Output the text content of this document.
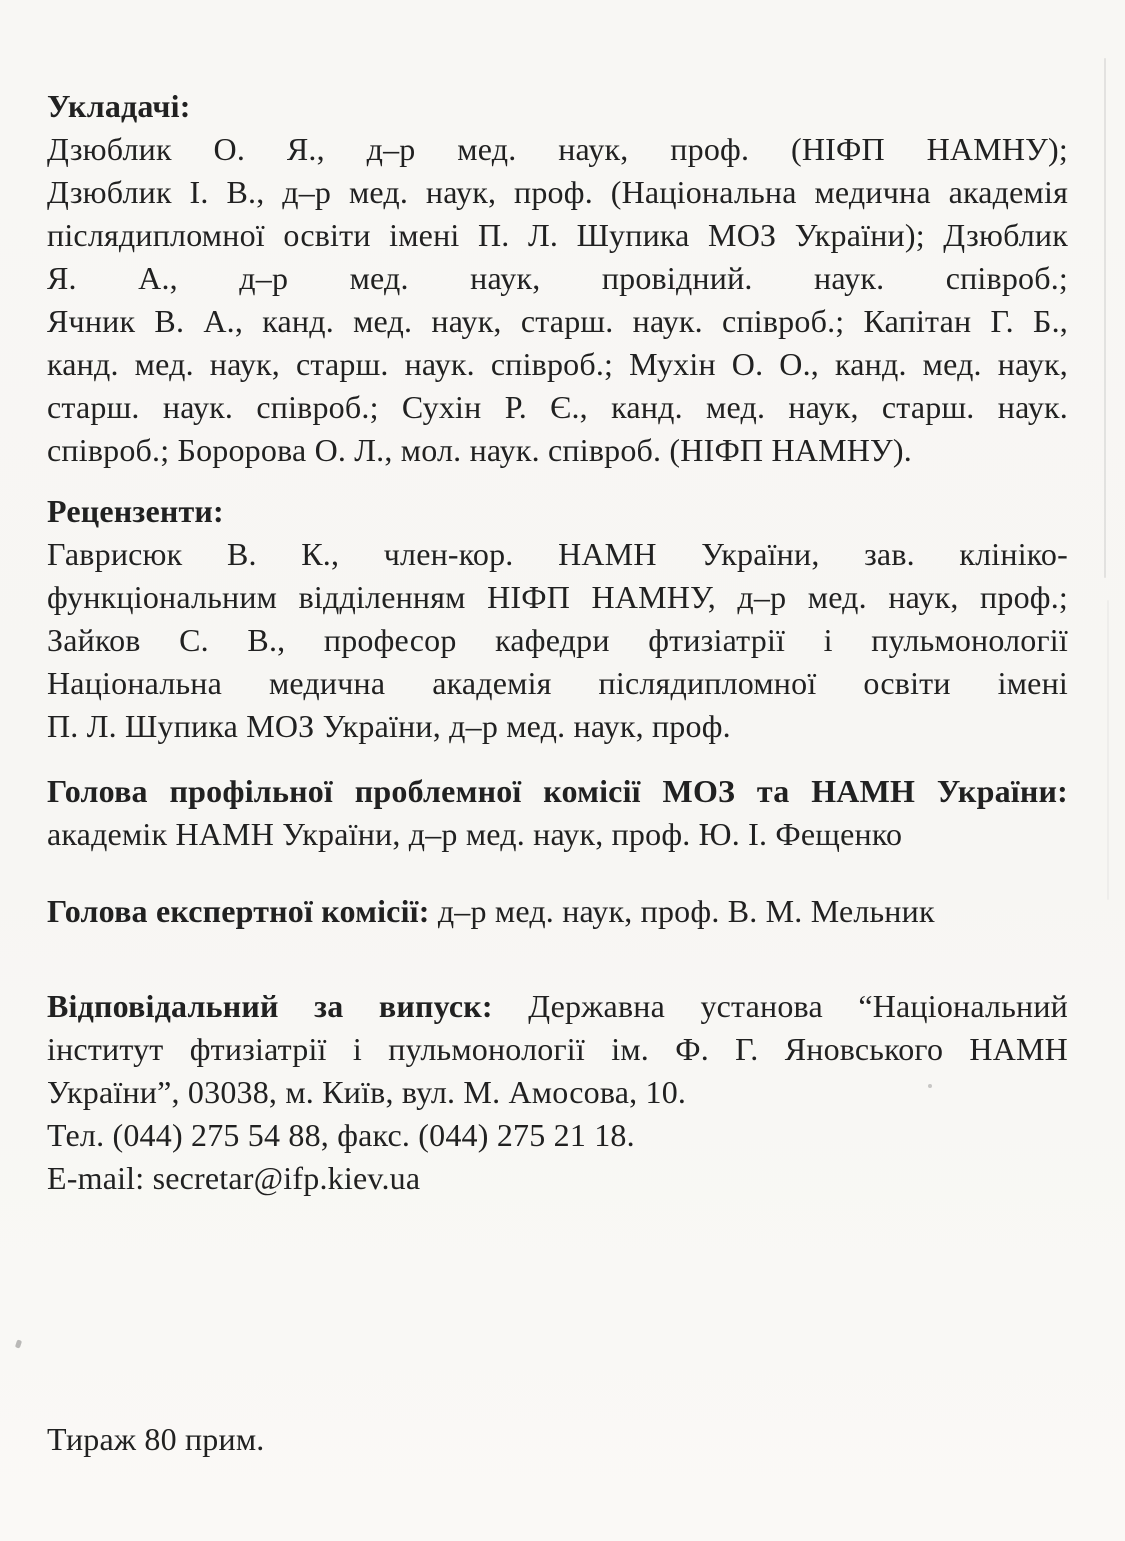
Укладачі:
Дзюблик О. Я., д–р мед. наук, проф. (НІФП НАМНУ);
Дзюблик І. В., д–р мед. наук, проф. (Національна медична академія
післядипломної освіти імені П. Л. Шупика МОЗ України); Дзюблик
Я. А., д–р мед. наук, провідний. наук. співроб.;
Ячник В. А., канд. мед. наук, старш. наук. співроб.; Капітан Г. Б.,
канд. мед. наук, старш. наук. співроб.; Мухін О. О., канд. мед. наук,
старш. наук. співроб.; Сухін Р. Є., канд. мед. наук, старш. наук.
співроб.; Боророва О. Л., мол. наук. співроб. (НІФП НАМНУ).
Рецензенти:
Гаврисюк В. К., член-кор. НАМН України, зав. клініко-
функціональним відділенням НІФП НАМНУ, д–р мед. наук, проф.;
Зайков С. В., професор кафедри фтизіатрії і пульмонології
Національна медична академія післядипломної освіти імені
П. Л. Шупика МОЗ України, д–р мед. наук, проф.
Голова профільної проблемної комісії МОЗ та НАМН України:
академік НАМН України, д–р мед. наук, проф. Ю. І. Фещенко
Голова експертної комісії: д–р мед. наук, проф. В. М. Мельник
Відповідальний за випуск: Державна установа “Національний
інститут фтизіатрії і пульмонології ім. Ф. Г. Яновського НАМН
України”, 03038, м. Київ, вул. М. Амосова, 10.
Тел. (044) 275 54 88, факс. (044) 275 21 18.
E-mail: secretar@ifp.kiev.ua
Тираж 80 прим.
